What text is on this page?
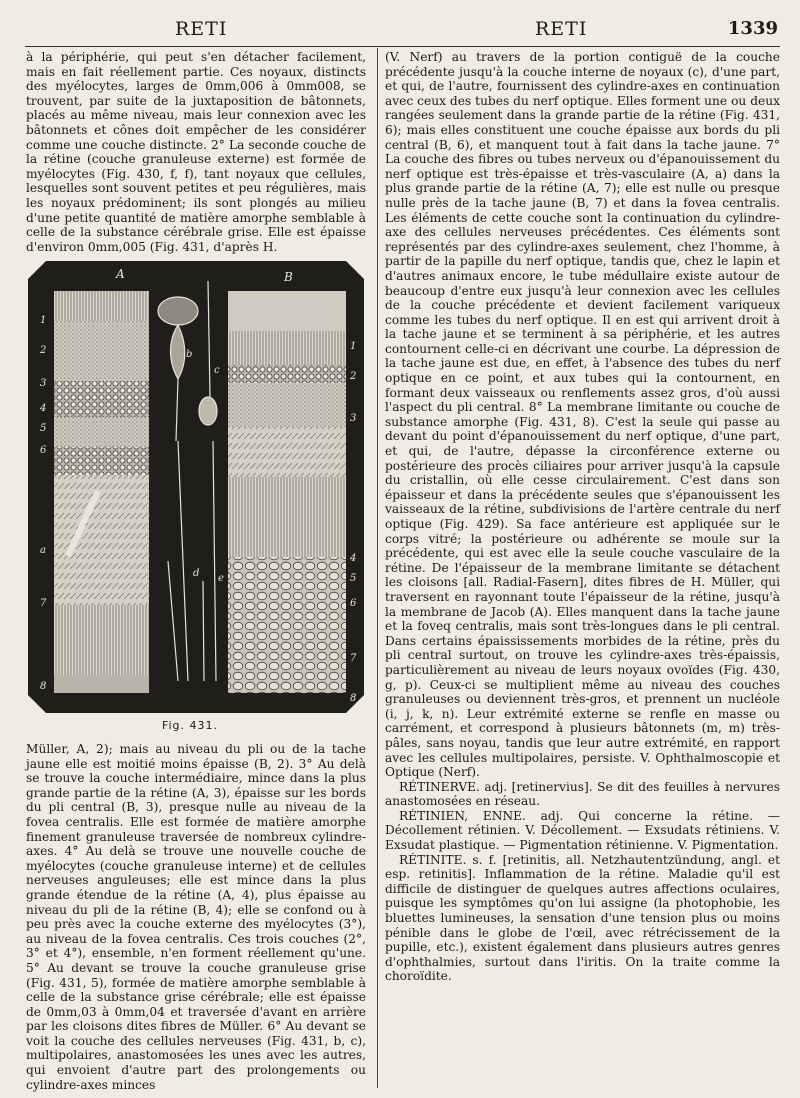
RETI	RETI	1339

à la périphérie, qui peut s'en détacher facilement, mais en fait réellement partie. Ces noyaux, distincts des myélocytes, larges de 0mm,006 à 0mm008, se trouvent, par suite de la juxtaposition de bâtonnets, placés au même niveau, mais leur connexion avec les bâtonnets et cônes doit empêcher de les considérer comme une couche distincte. 2° La seconde couche de la rétine (couche granuleuse externe) est formée de myélocytes (Fig. 430, f, f), tant noyaux que cellules, lesquelles sont souvent petites et peu régulières, mais les noyaux prédominent; ils sont plongés au milieu d'une petite quantité de matière amorphe semblable à celle de la substance cérébrale grise. Elle est épaisse d'environ 0mm,005 (Fig. 431, d'après H.

A	B
1
2
3
4
5
6
a
7
8
1
2
3
4
5
6
7
8
b
c
d e
Fig. 431.

Müller, A, 2); mais au niveau du pli ou de la tache jaune elle est moitié moins épaisse (B, 2). 3° Au delà se trouve la couche intermédiaire, mince dans la plus grande partie de la rétine (A, 3), épaisse sur les bords du pli central (B, 3), presque nulle au niveau de la fovea centralis. Elle est formée de matière amorphe finement granuleuse traversée de nombreux cylindre-axes. 4° Au delà se trouve une nouvelle couche de myélocytes (couche granuleuse interne) et de cellules nerveuses anguleuses; elle est mince dans la plus grande étendue de la rétine (A, 4), plus épaisse au niveau du pli de la rétine (B, 4); elle se confond ou à peu près avec la couche externe des myélocytes (3°), au niveau de la fovea centralis. Ces trois couches (2°, 3° et 4°), ensemble, n'en forment réellement qu'une. 5° Au devant se trouve la couche granuleuse grise (Fig. 431, 5), formée de matière amorphe semblable à celle de la substance grise cérébrale; elle est épaisse de 0mm,03 à 0mm,04 et traversée d'avant en arrière par les cloisons dites fibres de Müller. 6° Au devant se voit la couche des cellules nerveuses (Fig. 431, b, c), multipolaires, anastomosées les unes avec les autres, qui envoient d'autre part des prolongements ou cylindre-axes minces

(V. Nerf) au travers de la portion contiguë de la couche précédente jusqu'à la couche interne de noyaux (c), d'une part, et qui, de l'autre, fournissent des cylindre-axes en continuation avec ceux des tubes du nerf optique. Elles forment une ou deux rangées seulement dans la grande partie de la rétine (Fig. 431, 6); mais elles constituent une couche épaisse aux bords du pli central (B, 6), et manquent tout à fait dans la tache jaune. 7° La couche des fibres ou tubes nerveux ou d'épanouissement du nerf optique est très-épaisse et très-vasculaire (A, a) dans la plus grande partie de la rétine (A, 7); elle est nulle ou presque nulle près de la tache jaune (B, 7) et dans la fovea centralis. Les éléments de cette couche sont la continuation du cylindre-axe des cellules nerveuses précédentes. Ces éléments sont représentés par des cylindre-axes seulement, chez l'homme, à partir de la papille du nerf optique, tandis que, chez le lapin et d'autres animaux encore, le tube médullaire existe autour de beaucoup d'entre eux jusqu'à leur connexion avec les cellules de la couche précédente et devient facilement variqueux comme les tubes du nerf optique. Il en est qui arrivent droit à la tache jaune et se terminent à sa périphérie, et les autres contournent celle-ci en décrivant une courbe. La dépression de la tache jaune est due, en effet, à l'absence des tubes du nerf optique en ce point, et aux tubes qui la contournent, en formant deux vaisseaux ou renflements assez gros, d'où aussi l'aspect du pli central. 8° La membrane limitante ou couche de substance amorphe (Fig. 431, 8). C'est la seule qui passe au devant du point d'épanouissement du nerf optique, d'une part, et qui, de l'autre, dépasse la circonférence externe ou postérieure des procès ciliaires pour arriver jusqu'à la capsule du cristallin, où elle cesse circulairement. C'est dans son épaisseur et dans la précédente seules que s'épanouissent les vaisseaux de la rétine, subdivisions de l'artère centrale du nerf optique (Fig. 429). Sa face antérieure est appliquée sur le corps vitré; la postérieure ou adhérente se moule sur la précédente, qui est avec elle la seule couche vasculaire de la rétine. De l'épaisseur de la membrane limitante se détachent les cloisons [all. Radial-Fasern], dites fibres de H. Müller, qui traversent en rayonnant toute l'épaisseur de la rétine, jusqu'à la membrane de Jacob (A). Elles manquent dans la tache jaune et la foveq centralis, mais sont très-longues dans le pli central. Dans certains épaississements morbides de la rétine, près du pli central surtout, on trouve les cylindre-axes très-épaissis, particulièrement au niveau de leurs noyaux ovoïdes (Fig. 430, g, p). Ceux-ci se multiplient même au niveau des couches granuleuses ou deviennent très-gros, et prennent un nucléole (i, j, k, n). Leur extrémité externe se renfle en masse ou carrément, et correspond à plusieurs bâtonnets (m, m) très-pâles, sans noyau, tandis que leur autre extrémité, en rapport avec les cellules multipolaires, persiste. V. Ophthalmoscopie et Optique (Nerf).

RÉTINERVE. adj. [retinervius]. Se dit des feuilles à nervures anastomosées en réseau.

RÉTINIEN, ENNE. adj. Qui concerne la rétine. — Décollement rétinien. V. Décollement. — Exsudats rétiniens. V. Exsudat plastique. — Pigmentation rétinienne. V. Pigmentation.

RÉTINITE. s. f. [retinitis, all. Netzhautentzündung, angl. et esp. retinitis]. Inflammation de la rétine. Maladie qu'il est difficile de distinguer de quelques autres affections oculaires, puisque les symptômes qu'on lui assigne (la photophobie, les bluettes lumineuses, la sensation d'une tension plus ou moins pénible dans le globe de l'œil, avec rétrécissement de la pupille, etc.), existent également dans plusieurs autres genres d'ophthalmies, surtout dans l'iritis. On la traite comme la choroïdite.
